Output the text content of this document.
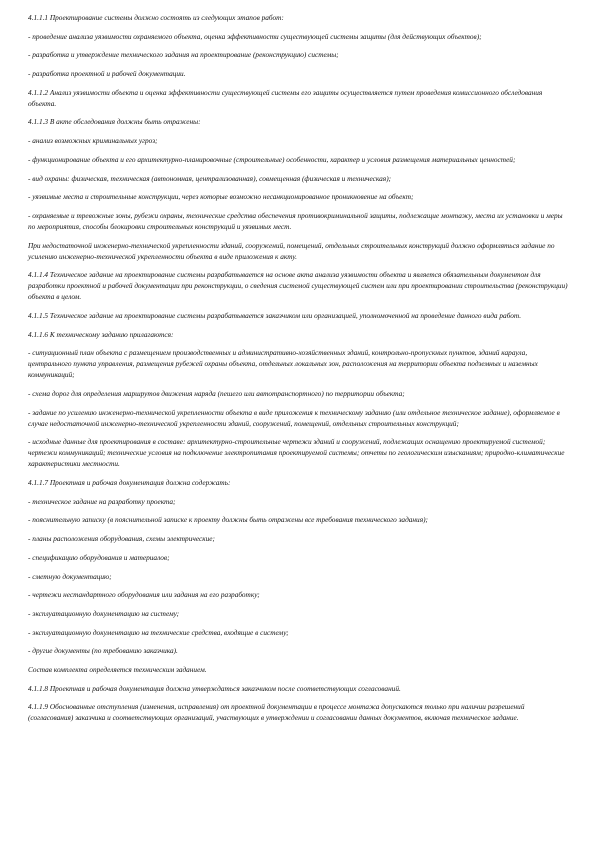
4.1.1.1 Проектирование системы должно состоять из следующих этапов работ:

- проведение анализа уязвимости охраняемого объекта, оценка эффективности существующей системы защиты (для действующих объектов);

- разработка и утверждение технического задания на проектирование (реконструкцию) системы;

- разработка проектной и рабочей документации.

4.1.1.2 Анализ уязвимости объекта и оценка эффективности существующей системы его защиты осуществляется путем проведения комиссионного обследования объекта.

4.1.1.3 В акте обследования должны быть отражены:

- анализ возможных криминальных угроз;

- функционирование объекта и его архитектурно-планировочные (строительные) особенности, характер и условия размещения материальных ценностей;

- вид охраны: физическая, техническая (автономная, централизованная), совмещенная (физическая и техническая);

- уязвимые места и строительные конструкции, через которые возможно несанкционированное проникновение на объект;

- охраняемые и тревожные зоны, рубежи охраны, технические средства обеспечения противокриминальной защиты, подлежащие монтажу, места их установки и меры по мероприятия, способы блокировки строительных конструкций и уязвимых мест.

При недостаточной инженерно-технической укрепленности зданий, сооружений, помещений, отдельных строительных конструкций должно оформляться задание по усилению инженерно-технической укрепленности объекта в виде приложения к акту.

4.1.1.4 Техническое задание на проектирование системы разрабатывается на основе акта анализа уязвимости объекта и является обязательным документом для разработки проектной и рабочей документации при реконструкции, о сведения системой существующей систем или при проектировании строительства (реконструкции) объекта в целом.

4.1.1.5 Техническое задание на проектирование системы разрабатывается заказчиком или организацией, уполномоченной на проведение данного вида работ.

4.1.1.6 К техническому заданию прилагаются:

- ситуационный план объекта с размещением производственных и административно-хозяйственных зданий, контрольно-пропускных пунктов, зданий караула, центрального пункта управления, размещения рубежей охраны объекта, отдельных локальных зон, расположения на территории объекта подземных и наземных коммуникаций;

- схема дорог для определения маршрутов движения наряда (пешего или автотранспортного) по территории объекта;

- задание по усилению инженерно-технической укрепленности объекта в виде приложения к техническому заданию (или отдельное техническое задание), оформляемое в случае недостаточной инженерно-технической укрепленности зданий, сооружений, помещений, отдельных строительных конструкций;

- исходные данные для проектирования в составе: архитектурно-строительные чертежи зданий и сооружений, подлежащих оснащению проектируемой системой; чертежи коммуникаций; технические условия на подключение электропитания проектируемой системы; отчеты по геологическим изысканиям; природно-климатические характеристики местности.

4.1.1.7 Проектная и рабочая документация должна содержать:

- техническое задание на разработку проекта;

- пояснительную записку (в пояснительной записке к проекту должны быть отражены все требования технического задания);

- планы расположения оборудования, схемы электрические;

- спецификацию оборудования и материалов;

- сметную документацию;

- чертежи нестандартного оборудования или задания на его разработку;

- эксплуатационную документацию на систему;

- эксплуатационную документацию на технические средства, входящие в систему;

- другие документы (по требованию заказчика).

Состав комплекта определяется техническим заданием.

4.1.1.8 Проектная и рабочая документация должна утверждаться заказчиком после соответствующих согласований.

4.1.1.9 Обоснованные отступления (изменения, исправления) от проектной документации в процессе монтажа допускаются только при наличии разрешений (согласования) заказчика и соответствующих организаций, участвующих в утверждении и согласовании данных документов, включая техническое задание.
